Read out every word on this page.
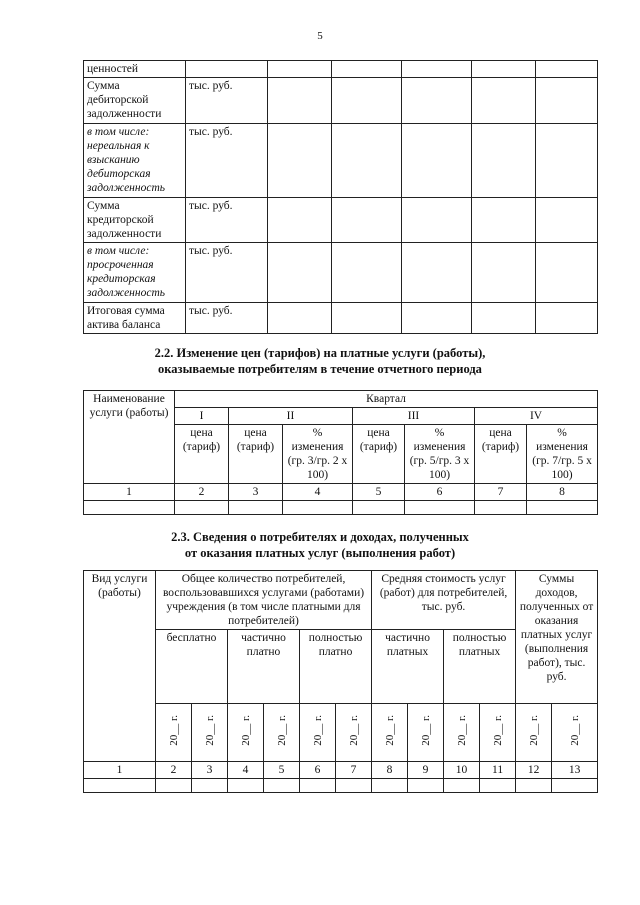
5
ценностей						
Сумма дебиторской задолженности	тыс. руб.					
в том числе: нереальная к взысканию дебиторская задолженность	тыс. руб.					
Сумма кредиторской задолженности	тыс. руб.					
в том числе: просроченная кредиторская задолженность	тыс. руб.					
Итоговая сумма актива баланса	тыс. руб.					
2.2. Изменение цен (тарифов) на платные услуги (работы),
оказываемые потребителям в течение отчетного периода
Наименование услуги (работы)	Квартал						
	I	II		III		IV	
	цена (тариф)	цена (тариф)	% изменения (гр. 3/гр. 2 х 100)	цена (тариф)	% изменения (гр. 5/гр. 3 х 100)	цена (тариф)	% изменения (гр. 7/гр. 5 х 100)
1	2	3	4	5	6	7	8

2.3. Сведения о потребителях и доходах, полученных
от оказания платных услуг (выполнения работ)
Вид услуги (работы)	Общее количество потребителей, воспользовавшихся услугами (работами) учреждения (в том числе платными для потребителей)						Средняя стоимость услуг (работ) для потребителей, тыс. руб.				Суммы доходов, полученных от оказания платных услуг (выполнения работ), тыс. руб.	
	бесплатно		частично платно		полностью платно		частично платных		полностью платных			
	20__ г.	20__ г.	20__ г.	20__ г.	20__ г.	20__ г.	20__ г.	20__ г.	20__ г.	20__ г.	20__ г.	20__ г.
1	2	3	4	5	6	7	8	9	10	11	12	13
